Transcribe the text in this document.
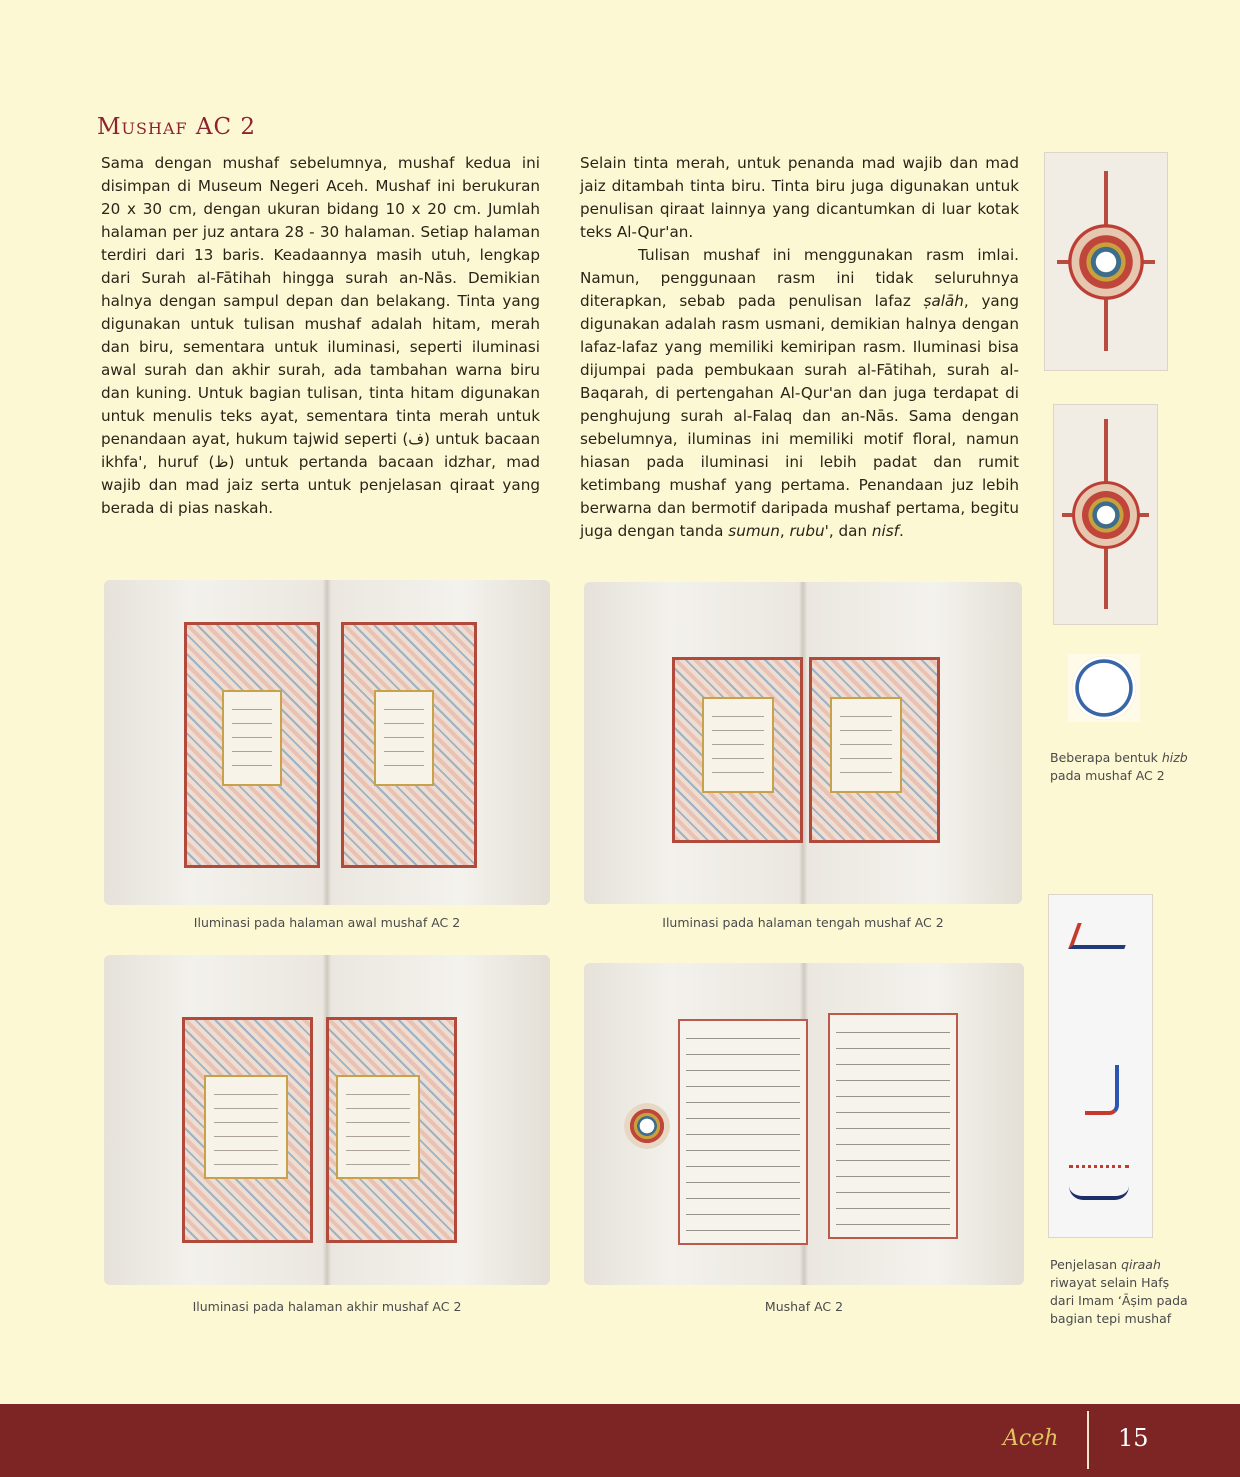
Mushaf AC 2

Sama dengan mushaf sebelumnya, mushaf kedua ini disimpan di Museum Negeri Aceh. Mushaf ini berukuran 20 x 30 cm, dengan ukuran bidang 10 x 20 cm. Jumlah halaman per juz antara 28 - 30 halaman. Setiap halaman terdiri dari 13 baris. Keadaannya masih utuh, lengkap dari Surah al-Fātihah hingga surah an-Nās. Demikian halnya dengan sampul depan dan belakang. Tinta yang digunakan untuk tulisan mushaf adalah hitam, merah dan biru, sementara untuk iluminasi, seperti iluminasi awal surah dan akhir surah, ada tambahan warna biru dan kuning. Untuk bagian tulisan, tinta hitam digunakan untuk menulis teks ayat, sementara tinta merah untuk penandaan ayat, hukum tajwid seperti (ف) untuk bacaan ikhfa', huruf (ظ) untuk pertanda bacaan idzhar, mad wajib dan mad jaiz serta untuk penjelasan qiraat yang berada di pias naskah.

Selain tinta merah, untuk penanda mad wajib dan mad jaiz ditambah tinta biru. Tinta biru juga digunakan untuk penulisan qiraat lainnya yang dicantumkan di luar kotak teks Al-Qur'an.

Tulisan mushaf ini menggunakan rasm imlai. Namun, penggunaan rasm ini tidak seluruhnya diterapkan, sebab pada penulisan lafaz ṣalāh, yang digunakan adalah rasm usmani, demikian halnya dengan lafaz-lafaz yang memiliki kemiripan rasm. Iluminasi bisa dijumpai pada pembukaan surah al-Fātihah, surah al-Baqarah, di pertengahan Al-Qur'an dan juga terdapat di penghujung surah al-Falaq dan an-Nās. Sama dengan sebelumnya, iluminas ini memiliki motif floral, namun hiasan pada iluminasi ini lebih padat dan rumit ketimbang mushaf yang pertama. Penandaan juz lebih berwarna dan bermotif daripada mushaf pertama, begitu juga dengan tanda sumun, rubu', dan nisf.

Beberapa bentuk hizb
pada mushaf AC 2

Penjelasan qiraah
riwayat selain Hafṣ
dari Imam ‘Āṣim pada
bagian tepi mushaf

Iluminasi pada halaman awal mushaf AC 2	Iluminasi pada halaman tengah mushaf AC 2

Iluminasi pada halaman akhir mushaf AC 2	Mushaf AC 2

Aceh 15
